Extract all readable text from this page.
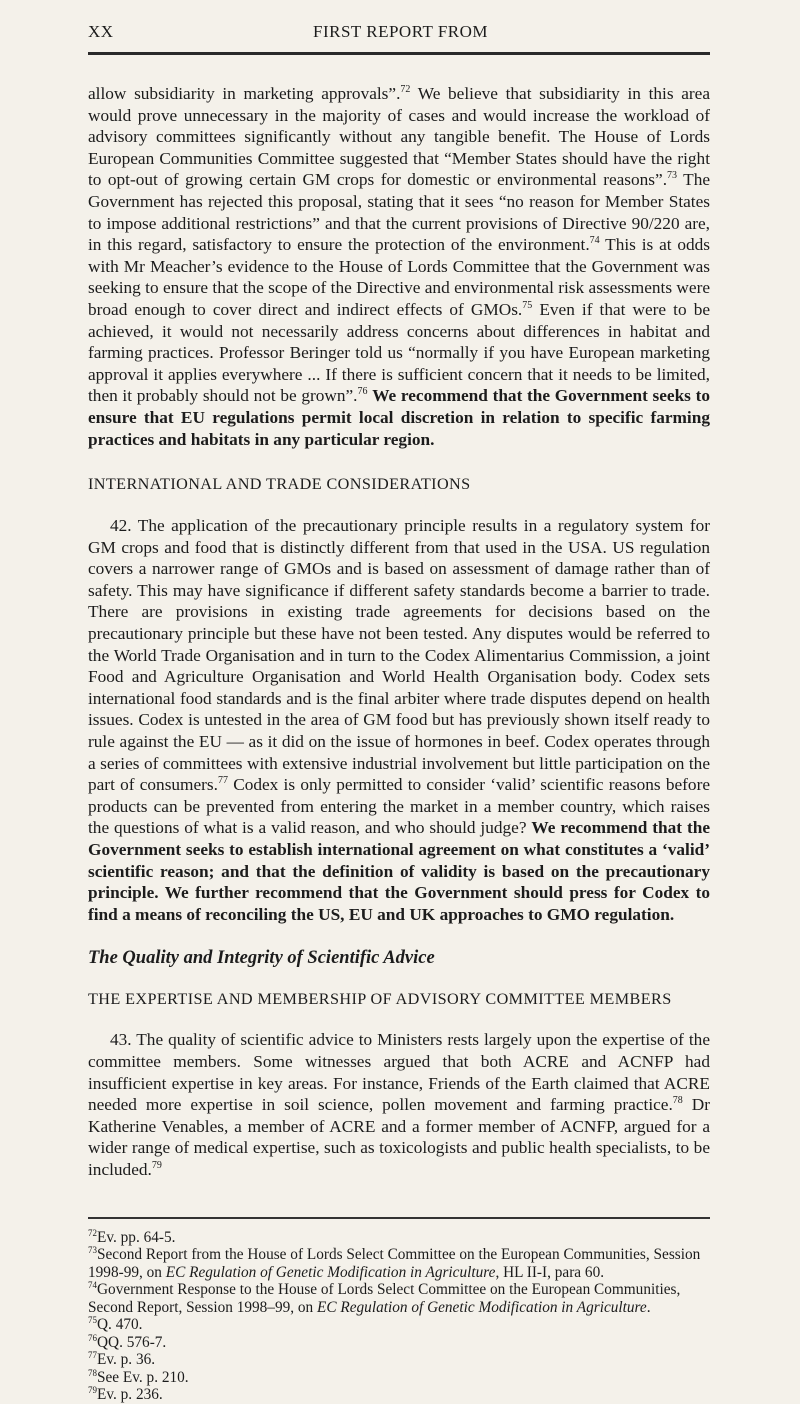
XX	FIRST REPORT FROM

allow subsidiarity in marketing approvals”.$^{72}$ We believe that subsidiarity in this area would prove unnecessary in the majority of cases and would increase the workload of advisory committees significantly without any tangible benefit. The House of Lords European Communities Committee suggested that “Member States should have the right to opt-out of growing certain GM crops for domestic or environmental reasons”.$^{73}$ The Government has rejected this proposal, stating that it sees “no reason for Member States to impose additional restrictions” and that the current provisions of Directive 90/220 are, in this regard, satisfactory to ensure the protection of the environment.$^{74}$ This is at odds with Mr Meacher’s evidence to the House of Lords Committee that the Government was seeking to ensure that the scope of the Directive and environmental risk assessments were broad enough to cover direct and indirect effects of GMOs.$^{75}$ Even if that were to be achieved, it would not necessarily address concerns about differences in habitat and farming practices. Professor Beringer told us “normally if you have European marketing approval it applies everywhere ... If there is sufficient concern that it needs to be limited, then it probably should not be grown”.$^{76}$ We recommend that the Government seeks to ensure that EU regulations permit local discretion in relation to specific farming practices and habitats in any particular region.

INTERNATIONAL AND TRADE CONSIDERATIONS

42. The application of the precautionary principle results in a regulatory system for GM crops and food that is distinctly different from that used in the USA. US regulation covers a narrower range of GMOs and is based on assessment of damage rather than of safety. This may have significance if different safety standards become a barrier to trade. There are provisions in existing trade agreements for decisions based on the precautionary principle but these have not been tested. Any disputes would be referred to the World Trade Organisation and in turn to the Codex Alimentarius Commission, a joint Food and Agriculture Organisation and World Health Organisation body. Codex sets international food standards and is the final arbiter where trade disputes depend on health issues. Codex is untested in the area of GM food but has previously shown itself ready to rule against the EU — as it did on the issue of hormones in beef. Codex operates through a series of committees with extensive industrial involvement but little participation on the part of consumers.$^{77}$ Codex is only permitted to consider ‘valid’ scientific reasons before products can be prevented from entering the market in a member country, which raises the questions of what is a valid reason, and who should judge? We recommend that the Government seeks to establish international agreement on what constitutes a ‘valid’ scientific reason; and that the definition of validity is based on the precautionary principle. We further recommend that the Government should press for Codex to find a means of reconciling the US, EU and UK approaches to GMO regulation.

The Quality and Integrity of Scientific Advice
THE EXPERTISE AND MEMBERSHIP OF ADVISORY COMMITTEE MEMBERS

43. The quality of scientific advice to Ministers rests largely upon the expertise of the committee members. Some witnesses argued that both ACRE and ACNFP had insufficient expertise in key areas. For instance, Friends of the Earth claimed that ACRE needed more expertise in soil science, pollen movement and farming practice.$^{78}$ Dr Katherine Venables, a member of ACRE and a former member of ACNFP, argued for a wider range of medical expertise, such as toxicologists and public health specialists, to be included.$^{79}$

$^{72}$Ev. pp. 64-5.

$^{73}$Second Report from the House of Lords Select Committee on the European Communities, Session 1998-99, on EC Regulation of Genetic Modification in Agriculture, HL II-I, para 60.

$^{74}$Government Response to the House of Lords Select Committee on the European Communities, Second Report, Session 1998–99, on EC Regulation of Genetic Modification in Agriculture.

$^{75}$Q. 470.

$^{76}$QQ. 576-7.

$^{77}$Ev. p. 36.

$^{78}$See Ev. p. 210.

$^{79}$Ev. p. 236.
